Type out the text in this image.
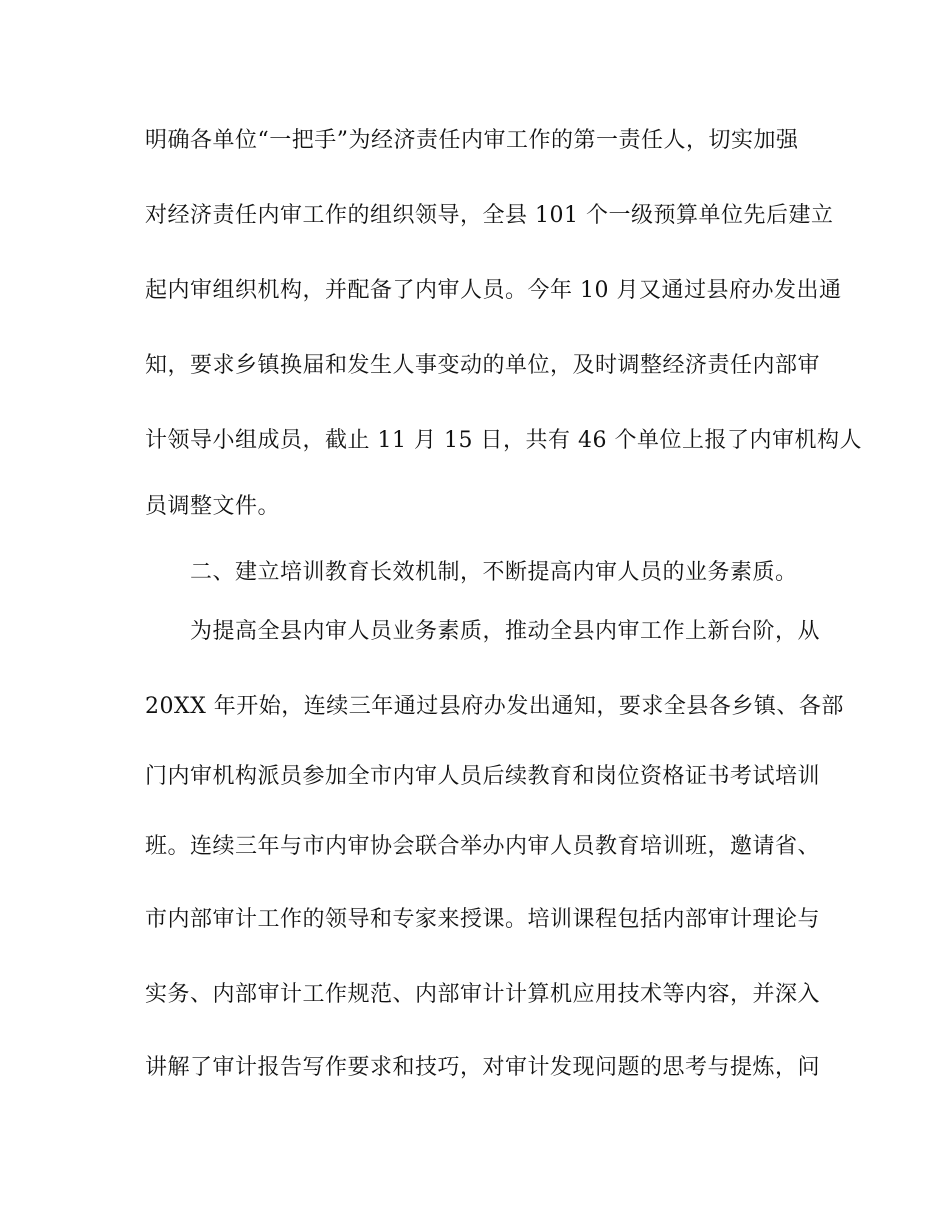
明确各单位“一把手”为经济责任内审工作的第一责任人，切实加强
对经济责任内审工作的组织领导，全县 101 个一级预算单位先后建立
起内审组织机构，并配备了内审人员。今年 10 月又通过县府办发出通
知，要求乡镇换届和发生人事变动的单位，及时调整经济责任内部审
计领导小组成员，截止 11 月 15 日，共有 46 个单位上报了内审机构人
员调整文件。
二、建立培训教育长效机制，不断提高内审人员的业务素质。
为提高全县内审人员业务素质，推动全县内审工作上新台阶，从
20XX 年开始，连续三年通过县府办发出通知，要求全县各乡镇、各部
门内审机构派员参加全市内审人员后续教育和岗位资格证书考试培训
班。连续三年与市内审协会联合举办内审人员教育培训班，邀请省、
市内部审计工作的领导和专家来授课。培训课程包括内部审计理论与
实务、内部审计工作规范、内部审计计算机应用技术等内容，并深入
讲解了审计报告写作要求和技巧，对审计发现问题的思考与提炼，问
